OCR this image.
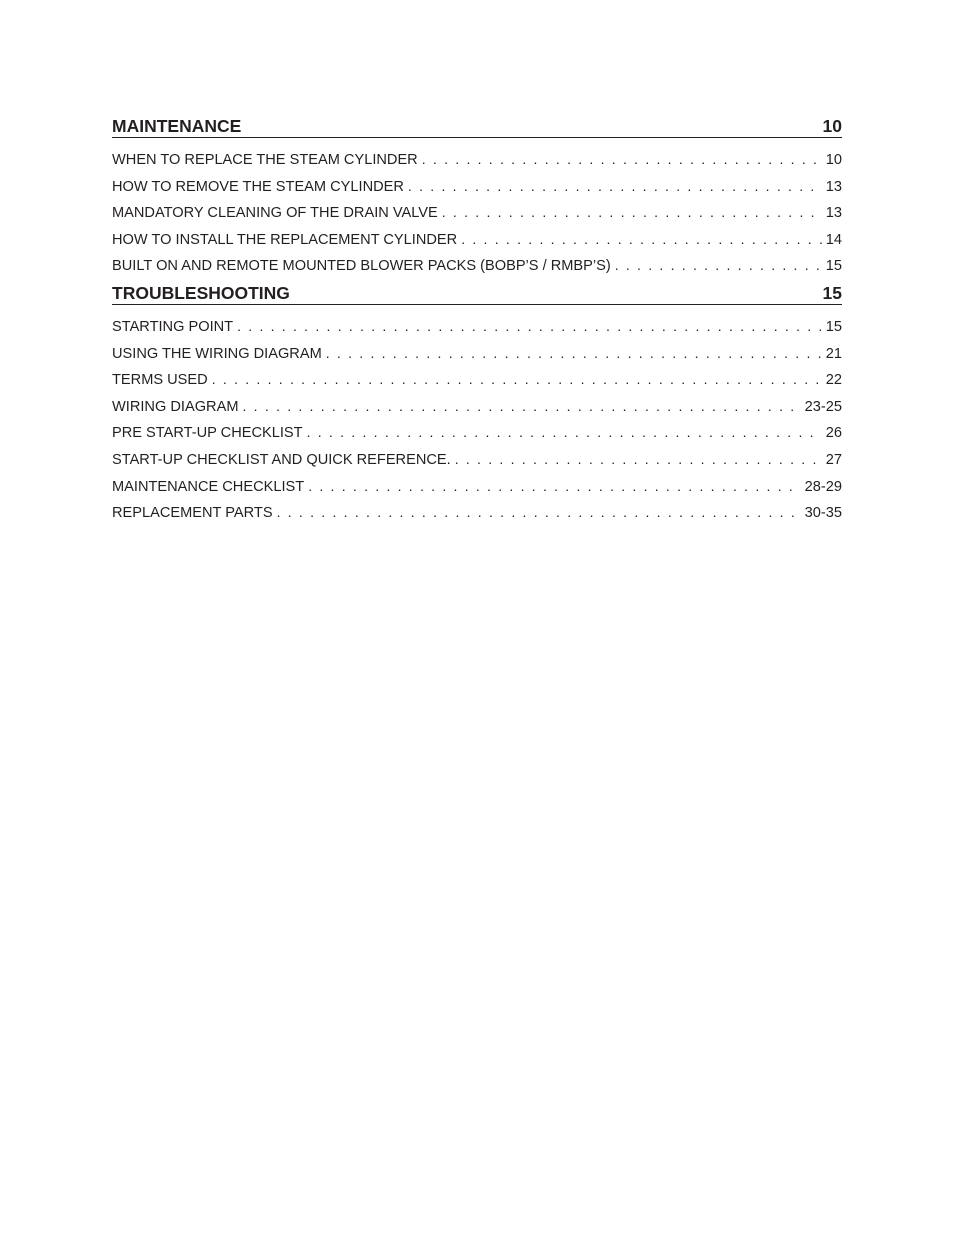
MAINTENANCE	10
WHEN TO REPLACE THE STEAM CYLINDER . . .	10
HOW TO REMOVE THE STEAM CYLINDER . . .	13
MANDATORY CLEANING OF THE DRAIN VALVE . . .	13
HOW TO INSTALL THE REPLACEMENT CYLINDER . . .	14
BUILT ON AND REMOTE MOUNTED BLOWER PACKS (BOBP’S / RMBP’S) . . .	15
TROUBLESHOOTING	15
STARTING POINT . . .	15
USING THE WIRING DIAGRAM . . .	21
TERMS USED . . .	22
WIRING DIAGRAM . . .	23-25
PRE START-UP CHECKLIST . . .	26
START-UP CHECKLIST AND QUICK REFERENCE. . . .	27
MAINTENANCE CHECKLIST . . .	28-29
REPLACEMENT PARTS . . .	30-35
